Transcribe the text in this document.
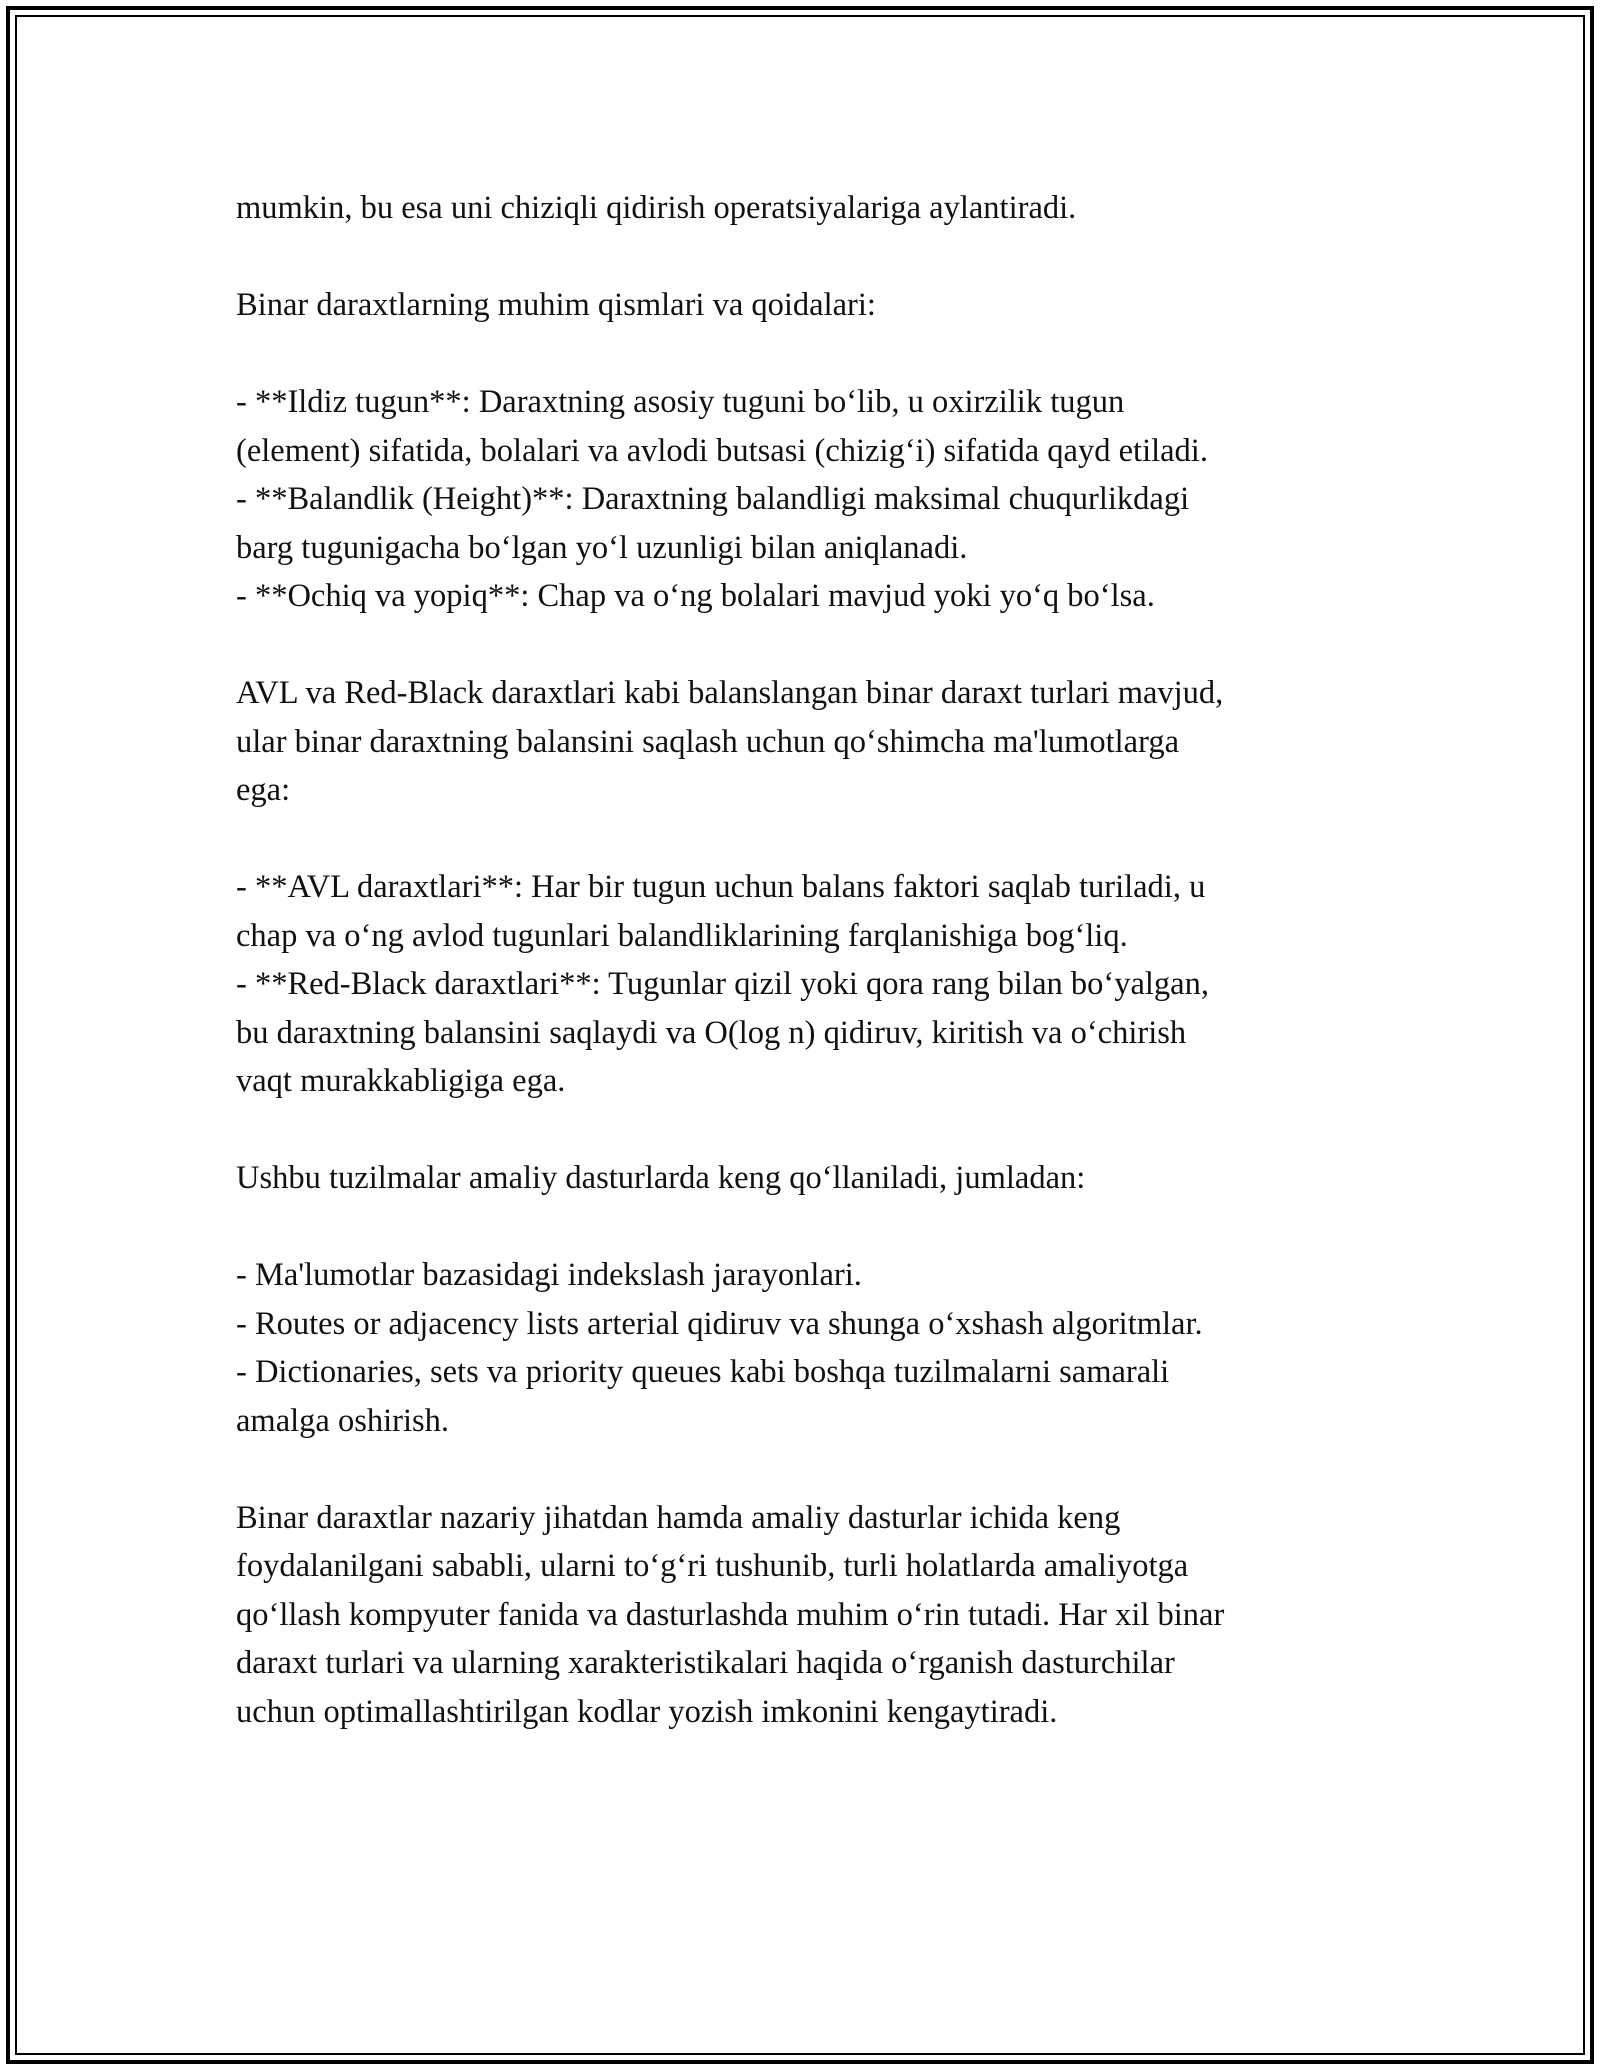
mumkin, bu esa uni chiziqli qidirish operatsiyalariga aylantiradi.
Binar daraxtlarning muhim qismlari va qoidalari:
- **Ildiz tugun**: Daraxtning asosiy tuguni bo‘lib, u oxirzilik tugun
(element) sifatida, bolalari va avlodi butsasi (chizig‘i) sifatida qayd etiladi.
- **Balandlik (Height)**: Daraxtning balandligi maksimal chuqurlikdagi
barg tugunigacha bo‘lgan yo‘l uzunligi bilan aniqlanadi.
- **Ochiq va yopiq**: Chap va o‘ng bolalari mavjud yoki yo‘q bo‘lsa.
AVL va Red-Black daraxtlari kabi balanslangan binar daraxt turlari mavjud,
ular binar daraxtning balansini saqlash uchun qo‘shimcha ma'lumotlarga
ega:
- **AVL daraxtlari**: Har bir tugun uchun balans faktori saqlab turiladi, u
chap va o‘ng avlod tugunlari balandliklarining farqlanishiga bog‘liq.
- **Red-Black daraxtlari**: Tugunlar qizil yoki qora rang bilan bo‘yalgan,
bu daraxtning balansini saqlaydi va O(log n) qidiruv, kiritish va o‘chirish
vaqt murakkabligiga ega.
Ushbu tuzilmalar amaliy dasturlarda keng qo‘llaniladi, jumladan:
- Ma'lumotlar bazasidagi indekslash jarayonlari.
- Routes or adjacency lists arterial qidiruv va shunga o‘xshash algoritmlar.
- Dictionaries, sets va priority queues kabi boshqa tuzilmalarni samarali
amalga oshirish.
Binar daraxtlar nazariy jihatdan hamda amaliy dasturlar ichida keng
foydalanilgani sababli, ularni to‘g‘ri tushunib, turli holatlarda amaliyotga
qo‘llash kompyuter fanida va dasturlashda muhim o‘rin tutadi. Har xil binar
daraxt turlari va ularning xarakteristikalari haqida o‘rganish dasturchilar
uchun optimallashtirilgan kodlar yozish imkonini kengaytiradi.
